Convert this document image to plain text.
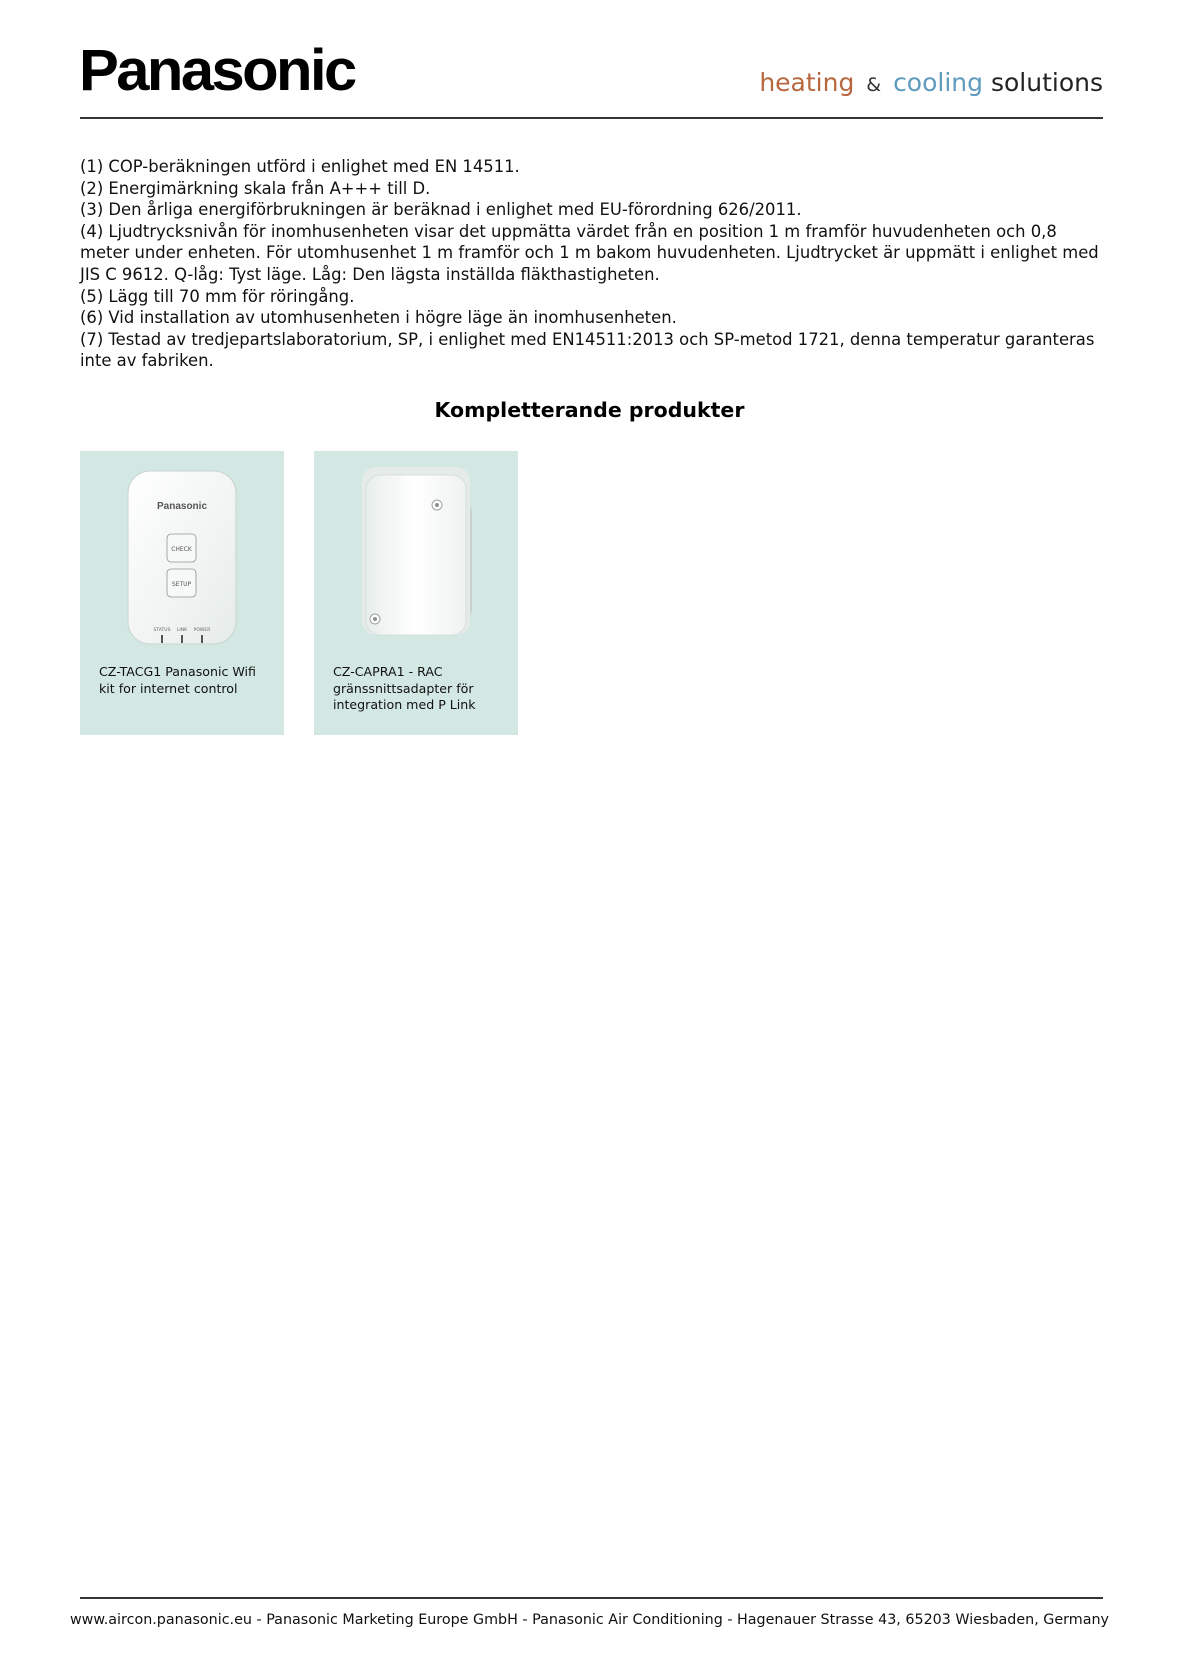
Panasonic	heating & cooling solutions

(1) COP-beräkningen utförd i enlighet med EN 14511.

(2) Energimärkning skala från A+++ till D.

(3) Den årliga energiförbrukningen är beräknad i enlighet med EU-förordning 626/2011.

(4) Ljudtrycksnivån för inomhusenheten visar det uppmätta värdet från en position 1 m framför huvudenheten och 0,8 meter under enheten. För utomhusenhet 1 m framför och 1 m bakom huvudenheten. Ljudtrycket är uppmätt i enlighet med JIS C 9612. Q-låg: Tyst läge. Låg: Den lägsta inställda fläkthastigheten.

(5) Lägg till 70 mm för röringång.

(6) Vid installation av utomhusenheten i högre läge än inomhusenheten.

(7) Testad av tredjepartslaboratorium, SP, i enlighet med EN14511:2013 och SP-metod 1721, denna temperatur garanteras inte av fabriken.

Kompletterande produkter
Panasonic
CHECK
SETUP
STATUS LINK POWER
CZ-TACG1 Panasonic Wifi kit for internet control
CZ-CAPRA1 - RAC gränssnittsadapter för integration med P Link
www.aircon.panasonic.eu - Panasonic Marketing Europe GmbH - Panasonic Air Conditioning - Hagenauer Strasse 43, 65203 Wiesbaden, Germany
